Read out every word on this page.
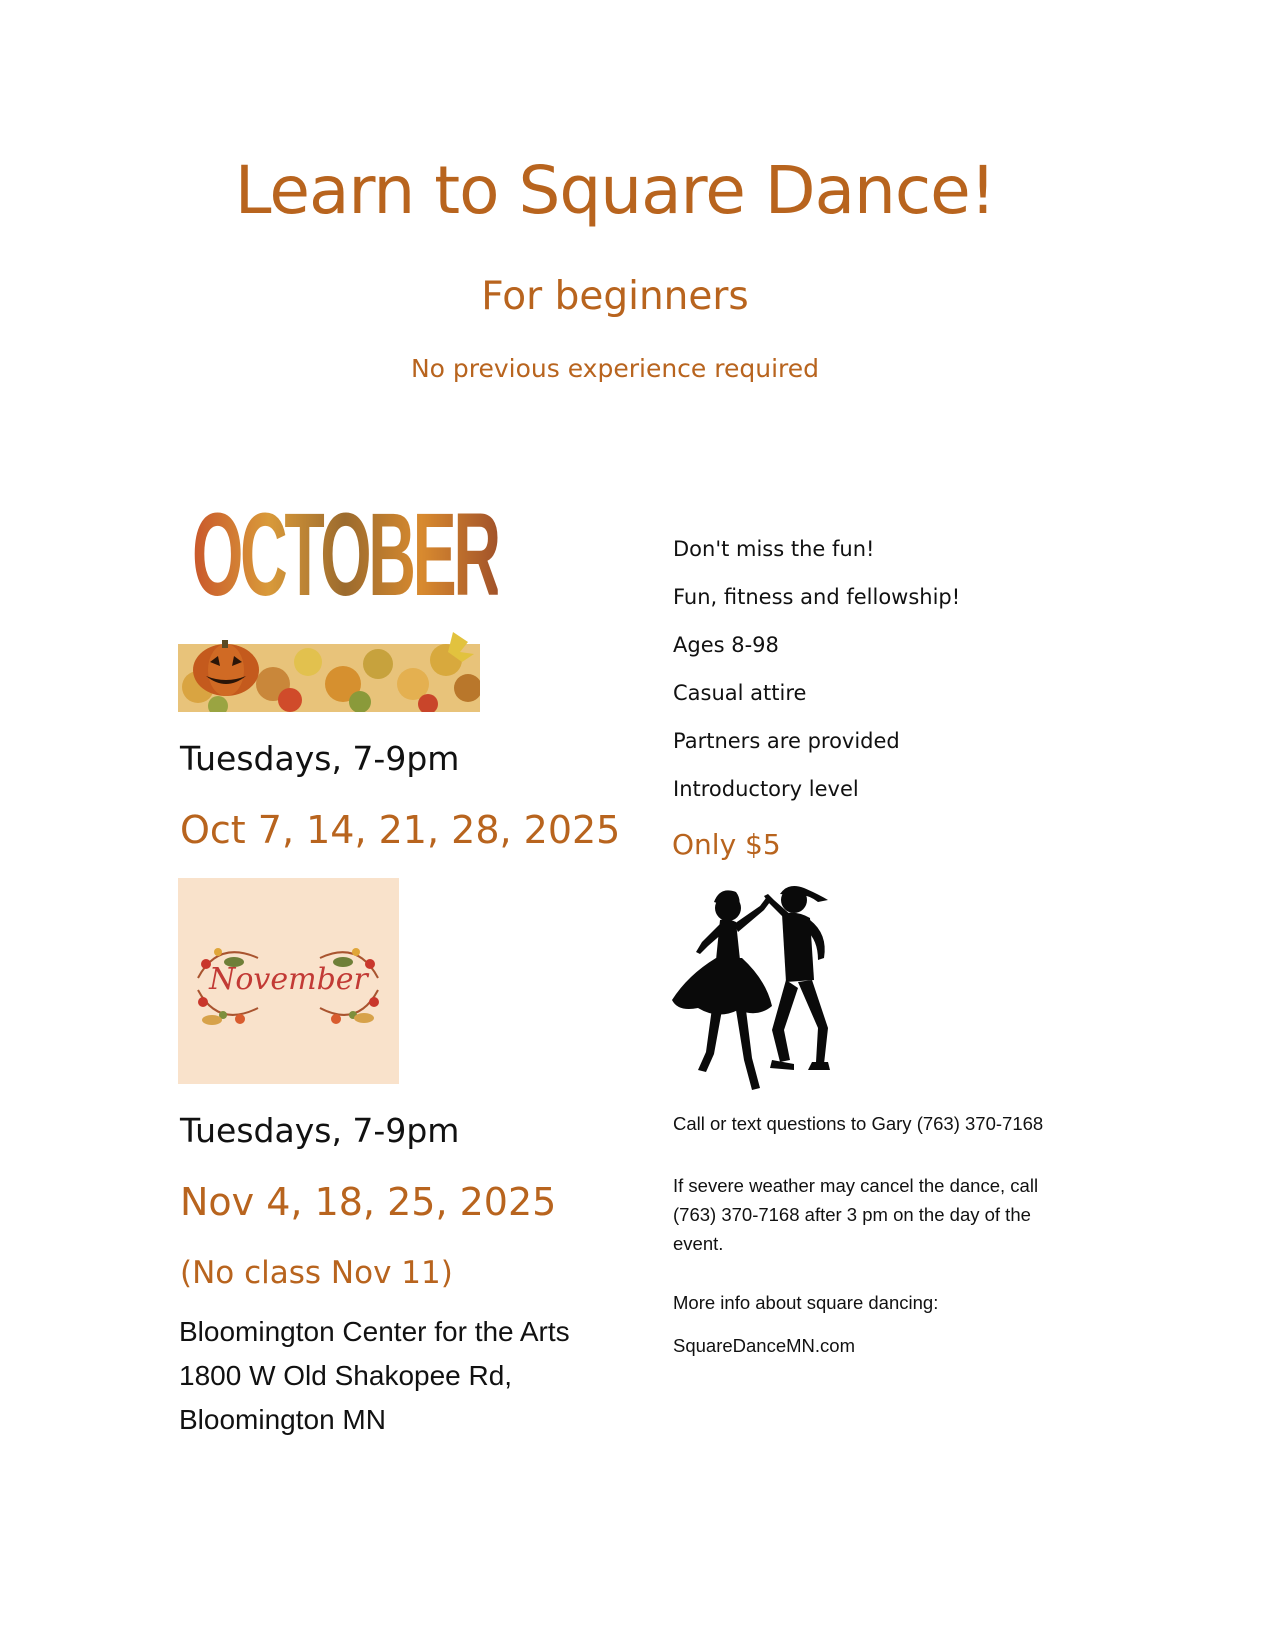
Learn to Square Dance!
For beginners
No previous experience required
OCTOBER
Tuesdays, 7-9pm
Oct 7, 14, 21, 28, 2025
November
Tuesdays, 7-9pm
Nov 4, 18, 25, 2025
(No class Nov 11)
Bloomington Center for the Arts
1800 W Old Shakopee Rd,
Bloomington MN
Don't miss the fun!
Fun, fitness and fellowship!
Ages 8-98
Casual attire
Partners are provided
Introductory level
Only $5
Call or text questions to Gary (763) 370-7168
If severe weather may cancel the dance, call (763) 370-7168 after 3 pm on the day of the event.
More info about square dancing:
SquareDanceMN.com
